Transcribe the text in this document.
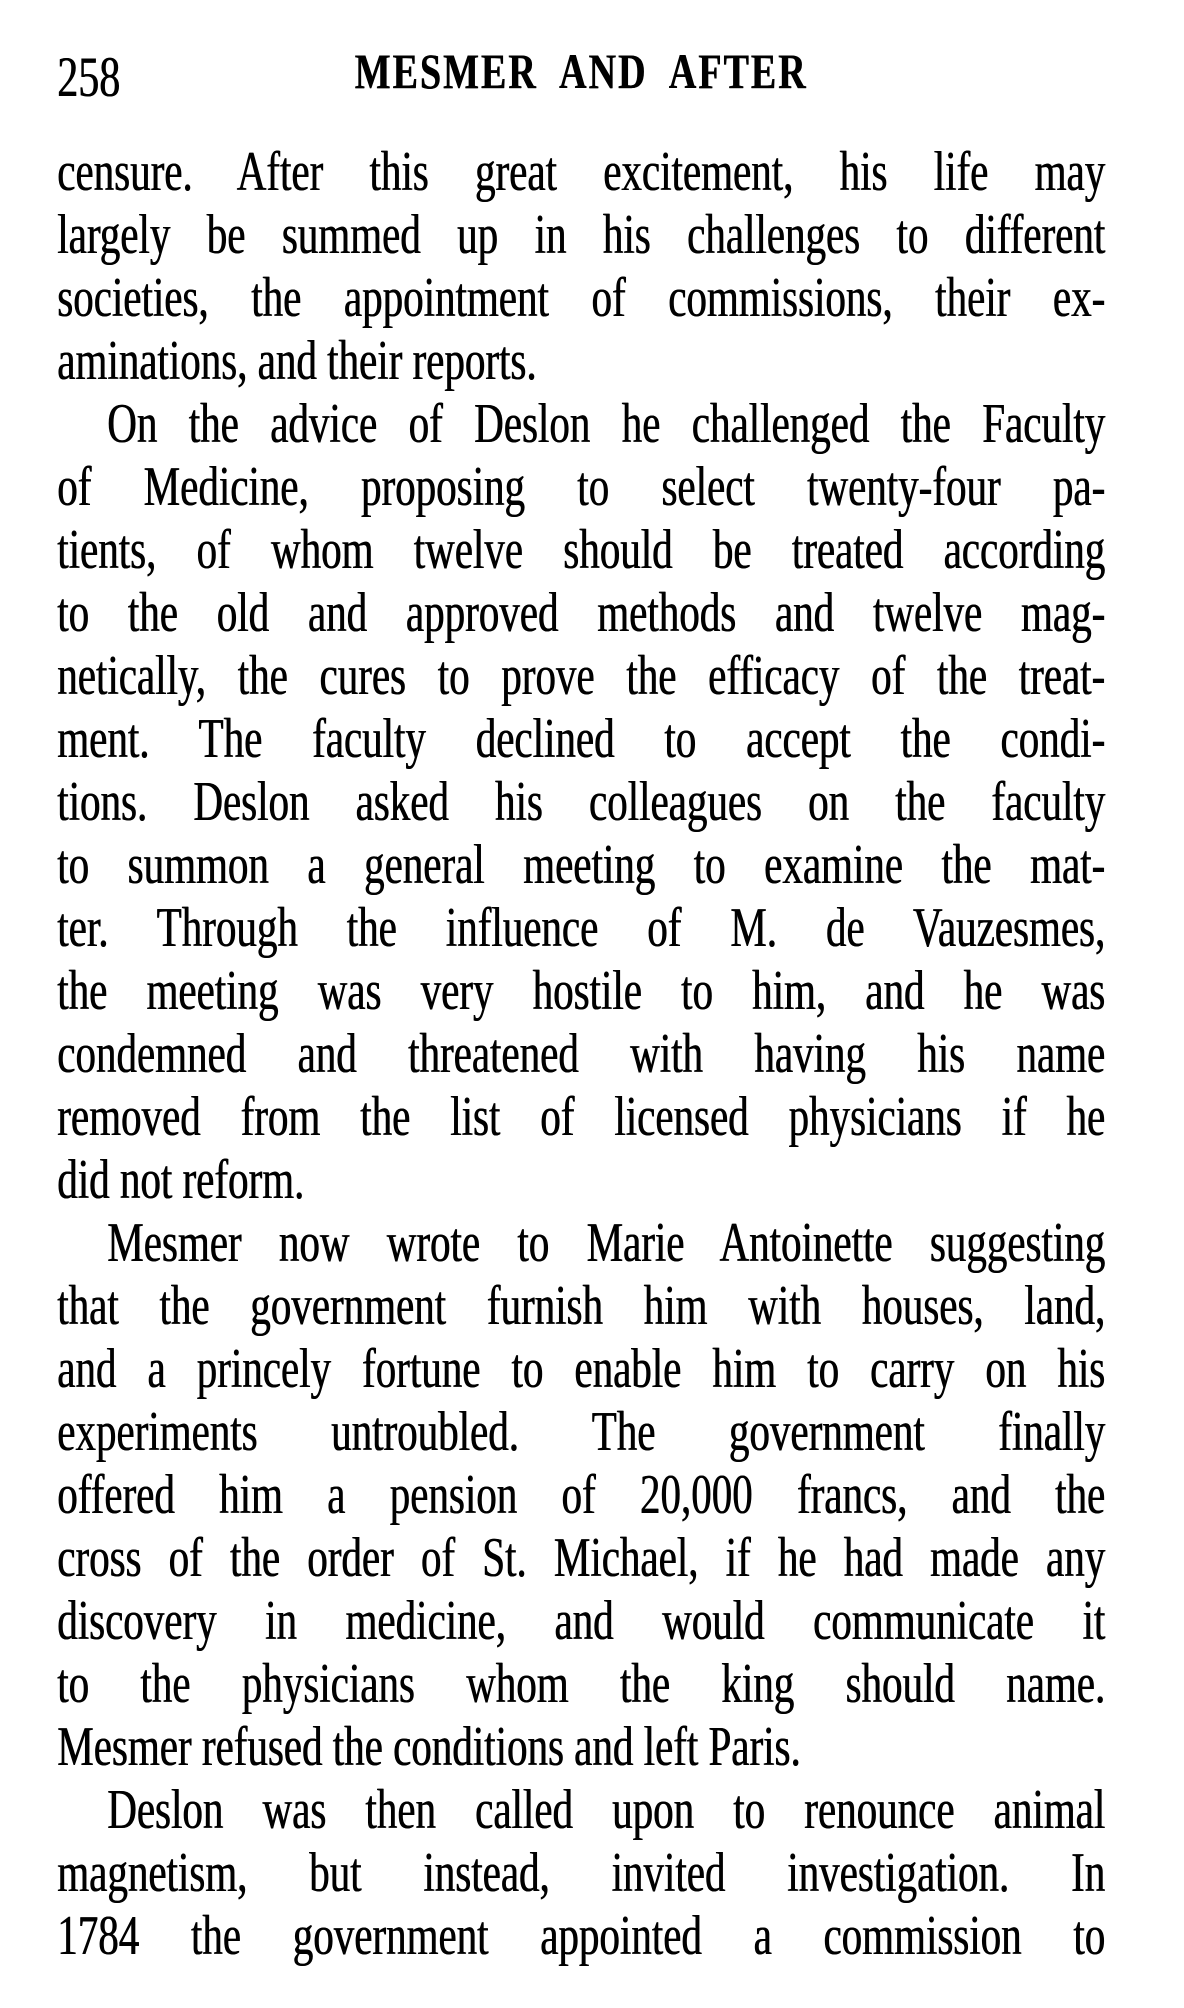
258	MESMER AND AFTER
censure. After this great excitement, his life may
largely be summed up in his challenges to different
societies, the appointment of commissions, their ex-
aminations, and their reports.
On the advice of Deslon he challenged the Faculty
of Medicine, proposing to select twenty-four pa-
tients, of whom twelve should be treated according
to the old and approved methods and twelve mag-
netically, the cures to prove the efficacy of the treat-
ment. The faculty declined to accept the condi-
tions. Deslon asked his colleagues on the faculty
to summon a general meeting to examine the mat-
ter. Through the influence of M. de Vauzesmes,
the meeting was very hostile to him, and he was
condemned and threatened with having his name
removed from the list of licensed physicians if he
did not reform.
Mesmer now wrote to Marie Antoinette suggesting
that the government furnish him with houses, land,
and a princely fortune to enable him to carry on his
experiments untroubled. The government finally
offered him a pension of 20,000 francs, and the
cross of the order of St. Michael, if he had made any
discovery in medicine, and would communicate it
to the physicians whom the king should name.
Mesmer refused the conditions and left Paris.
Deslon was then called upon to renounce animal
magnetism, but instead, invited investigation. In
1784 the government appointed a commission to
